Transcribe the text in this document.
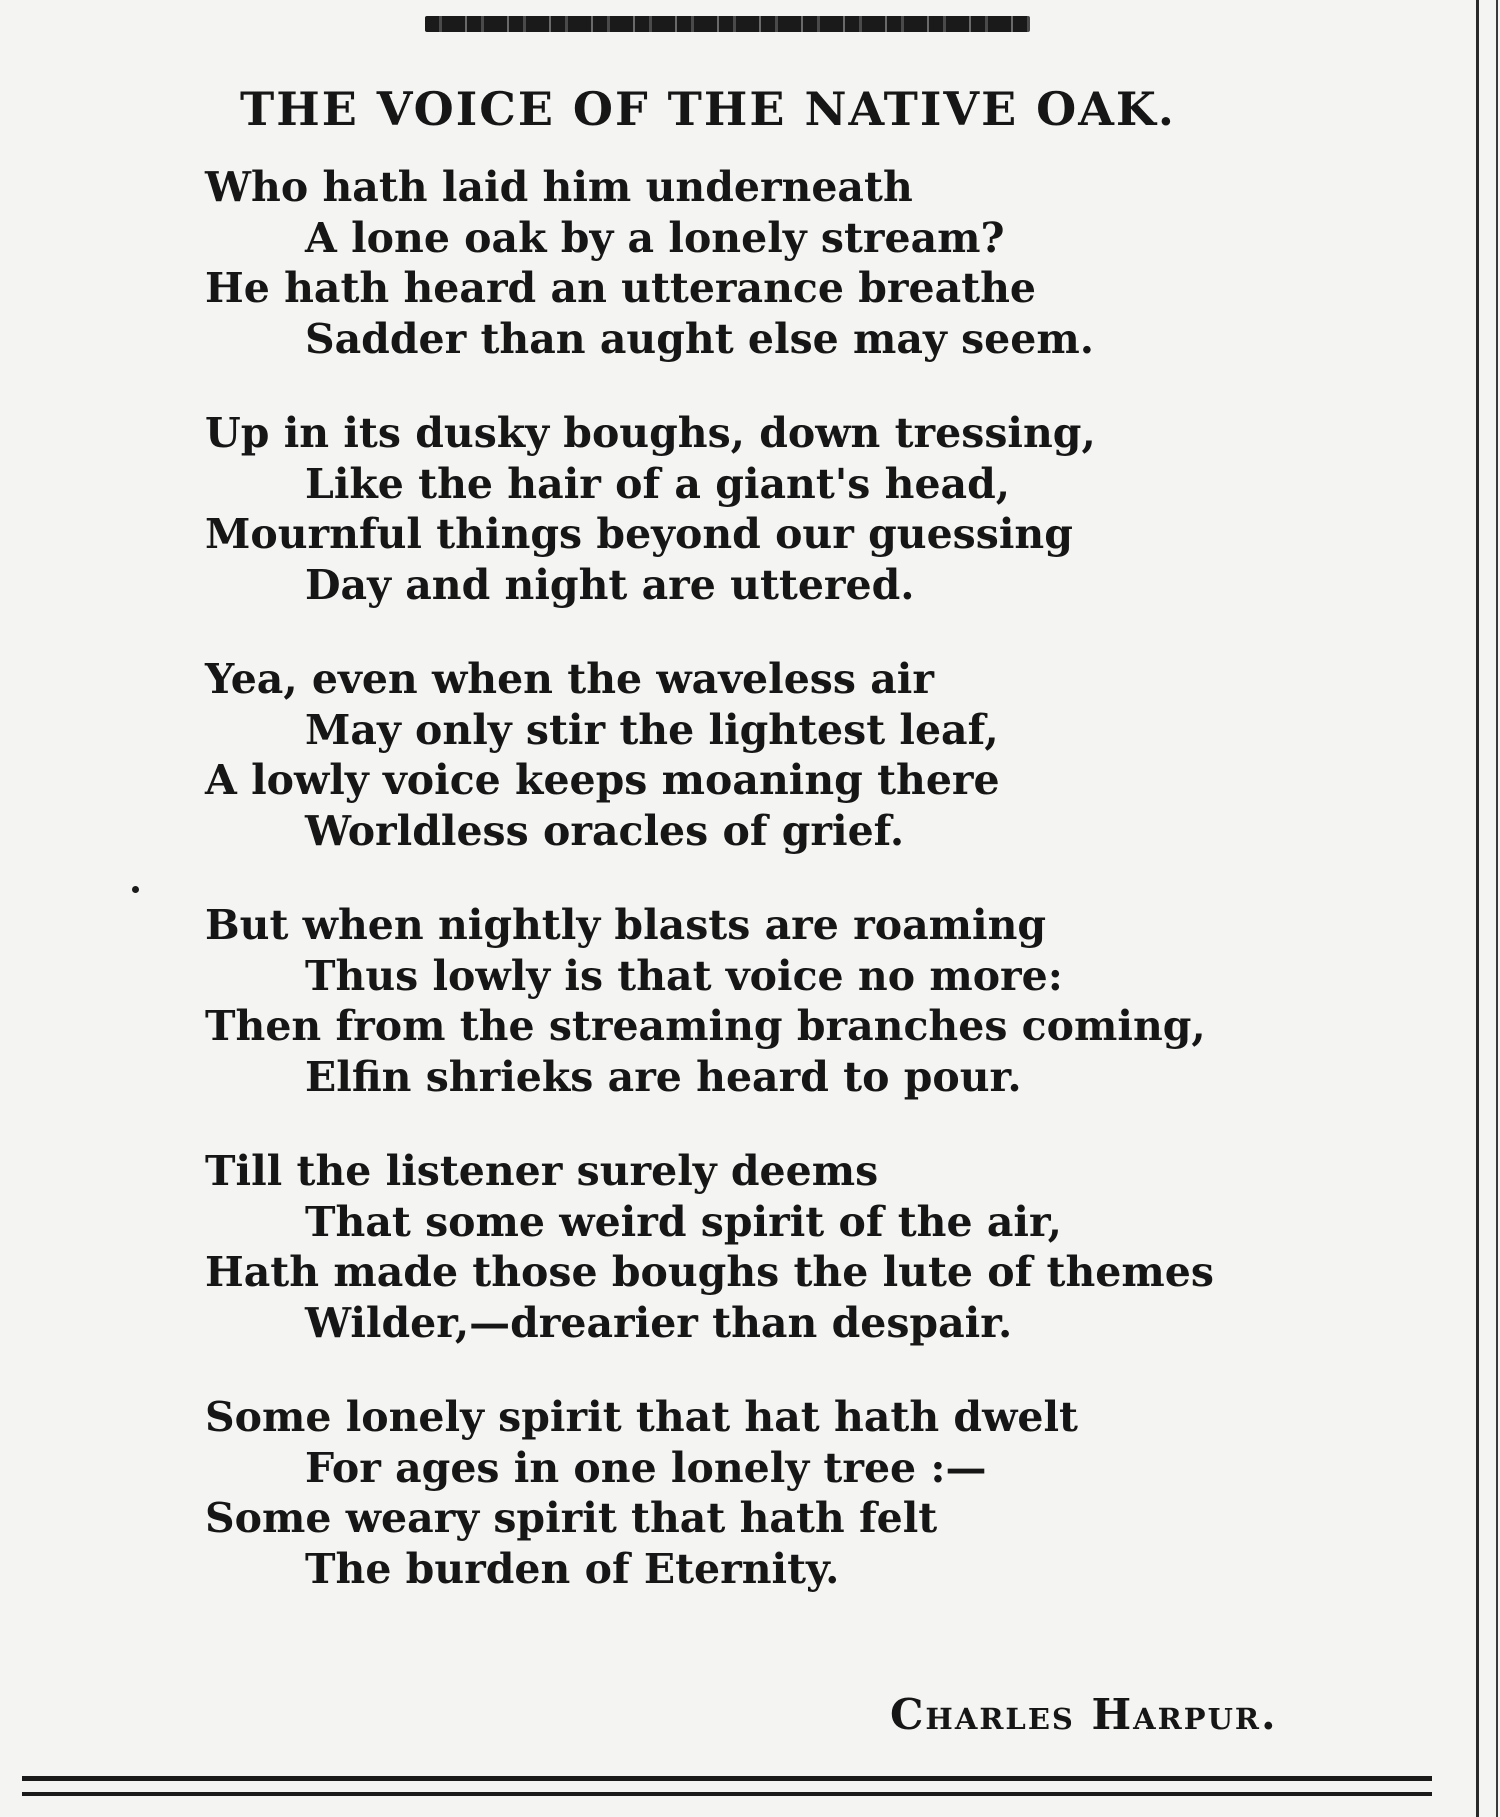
THE VOICE OF THE NATIVE OAK.
Who hath laid him underneath
A lone oak by a lonely stream?
He hath heard an utterance breathe
Sadder than aught else may seem.
Up in its dusky boughs, down tressing,
Like the hair of a giant's head,
Mournful things beyond our guessing
Day and night are uttered.
Yea, even when the waveless air
May only stir the lightest leaf,
A lowly voice keeps moaning there
Worldless oracles of grief.
But when nightly blasts are roaming
Thus lowly is that voice no more:
Then from the streaming branches coming,
Elfin shrieks are heard to pour.
Till the listener surely deems
That some weird spirit of the air,
Hath made those boughs the lute of themes
Wilder,—drearier than despair.
Some lonely spirit that hat hath dwelt
For ages in one lonely tree :—
Some weary spirit that hath felt
The burden of Eternity.
Charles Harpur.
